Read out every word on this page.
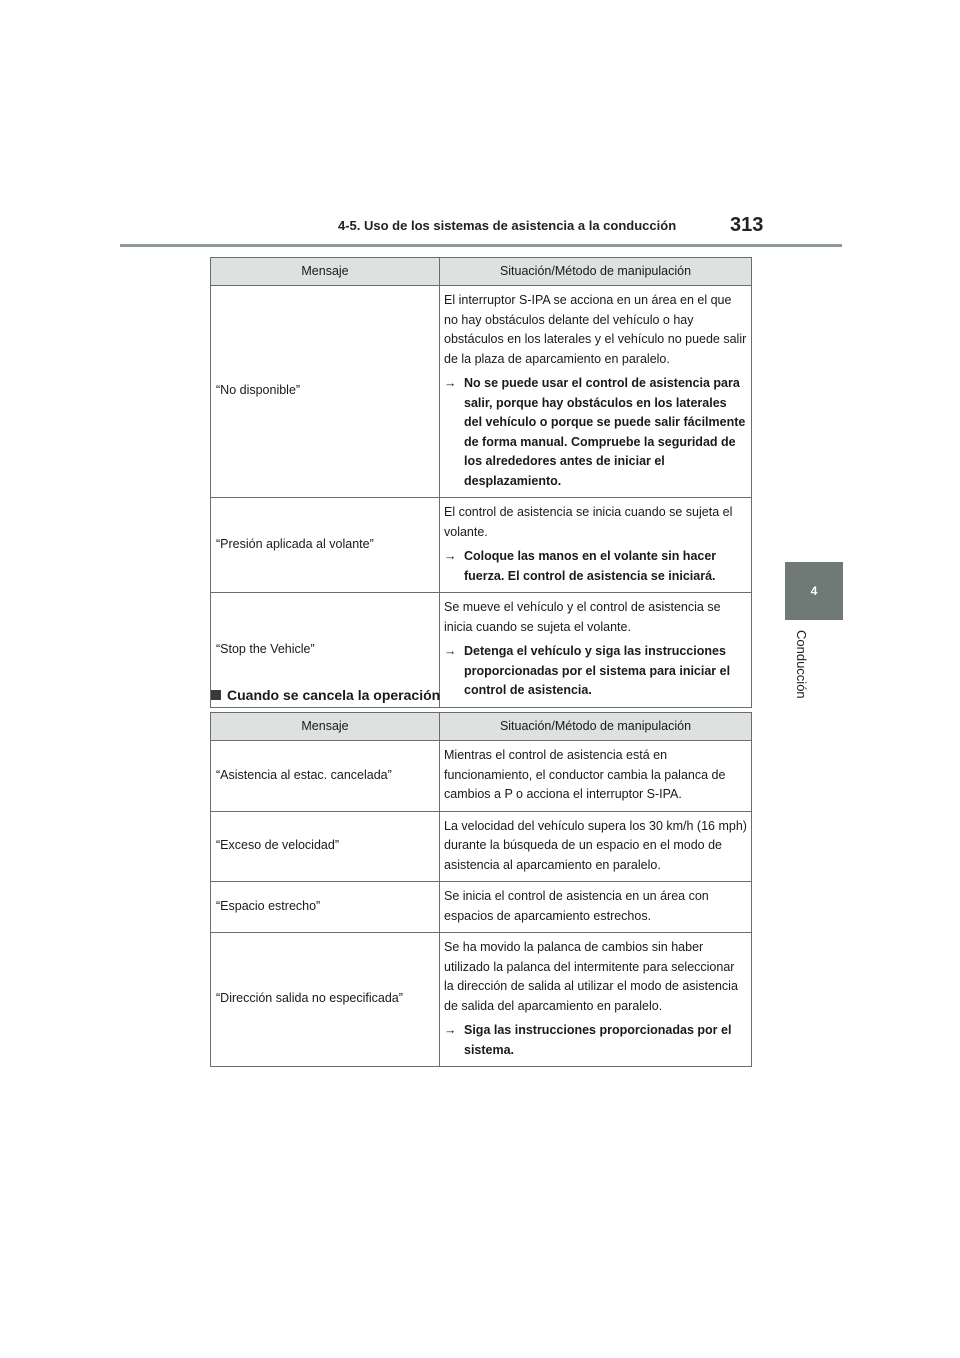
4-5. Uso de los sistemas de asistencia a la conducción	313
4
Conducción
Mensaje	Situación/Método de manipulación
“No disponible”	El interruptor S-IPA se acciona en un área en el que no hay obstáculos delante del vehículo o hay obstáculos en los laterales y el vehículo no puede salir de la plaza de aparcamiento en paralelo.
→ No se puede usar el control de asistencia para salir, porque hay obstáculos en los laterales del vehículo o porque se puede salir fácilmente de forma manual. Compruebe la seguridad de los alrededores antes de iniciar el desplazamiento.

“Presión aplicada al volante”	El control de asistencia se inicia cuando se sujeta el volante.
→ Coloque las manos en el volante sin hacer fuerza. El control de asistencia se iniciará.

“Stop the Vehicle”	Se mueve el vehículo y el control de asistencia se inicia cuando se sujeta el volante.
→ Detenga el vehículo y siga las instrucciones proporcionadas por el sistema para iniciar el control de asistencia.
Cuando se cancela la operación
Mensaje	Situación/Método de manipulación
“Asistencia al estac. cancelada”	Mientras el control de asistencia está en funcionamiento, el conductor cambia la palanca de cambios a P o acciona el interruptor S-IPA.

“Exceso de velocidad”	La velocidad del vehículo supera los 30 km/h (16 mph) durante la búsqueda de un espacio en el modo de asistencia al aparcamiento en paralelo.

“Espacio estrecho”	Se inicia el control de asistencia en un área con espacios de aparcamiento estrechos.

“Dirección salida no especificada”	Se ha movido la palanca de cambios sin haber utilizado la palanca del intermitente para seleccionar la dirección de salida al utilizar el modo de asistencia de salida del aparcamiento en paralelo.
→ Siga las instrucciones proporcionadas por el sistema.
